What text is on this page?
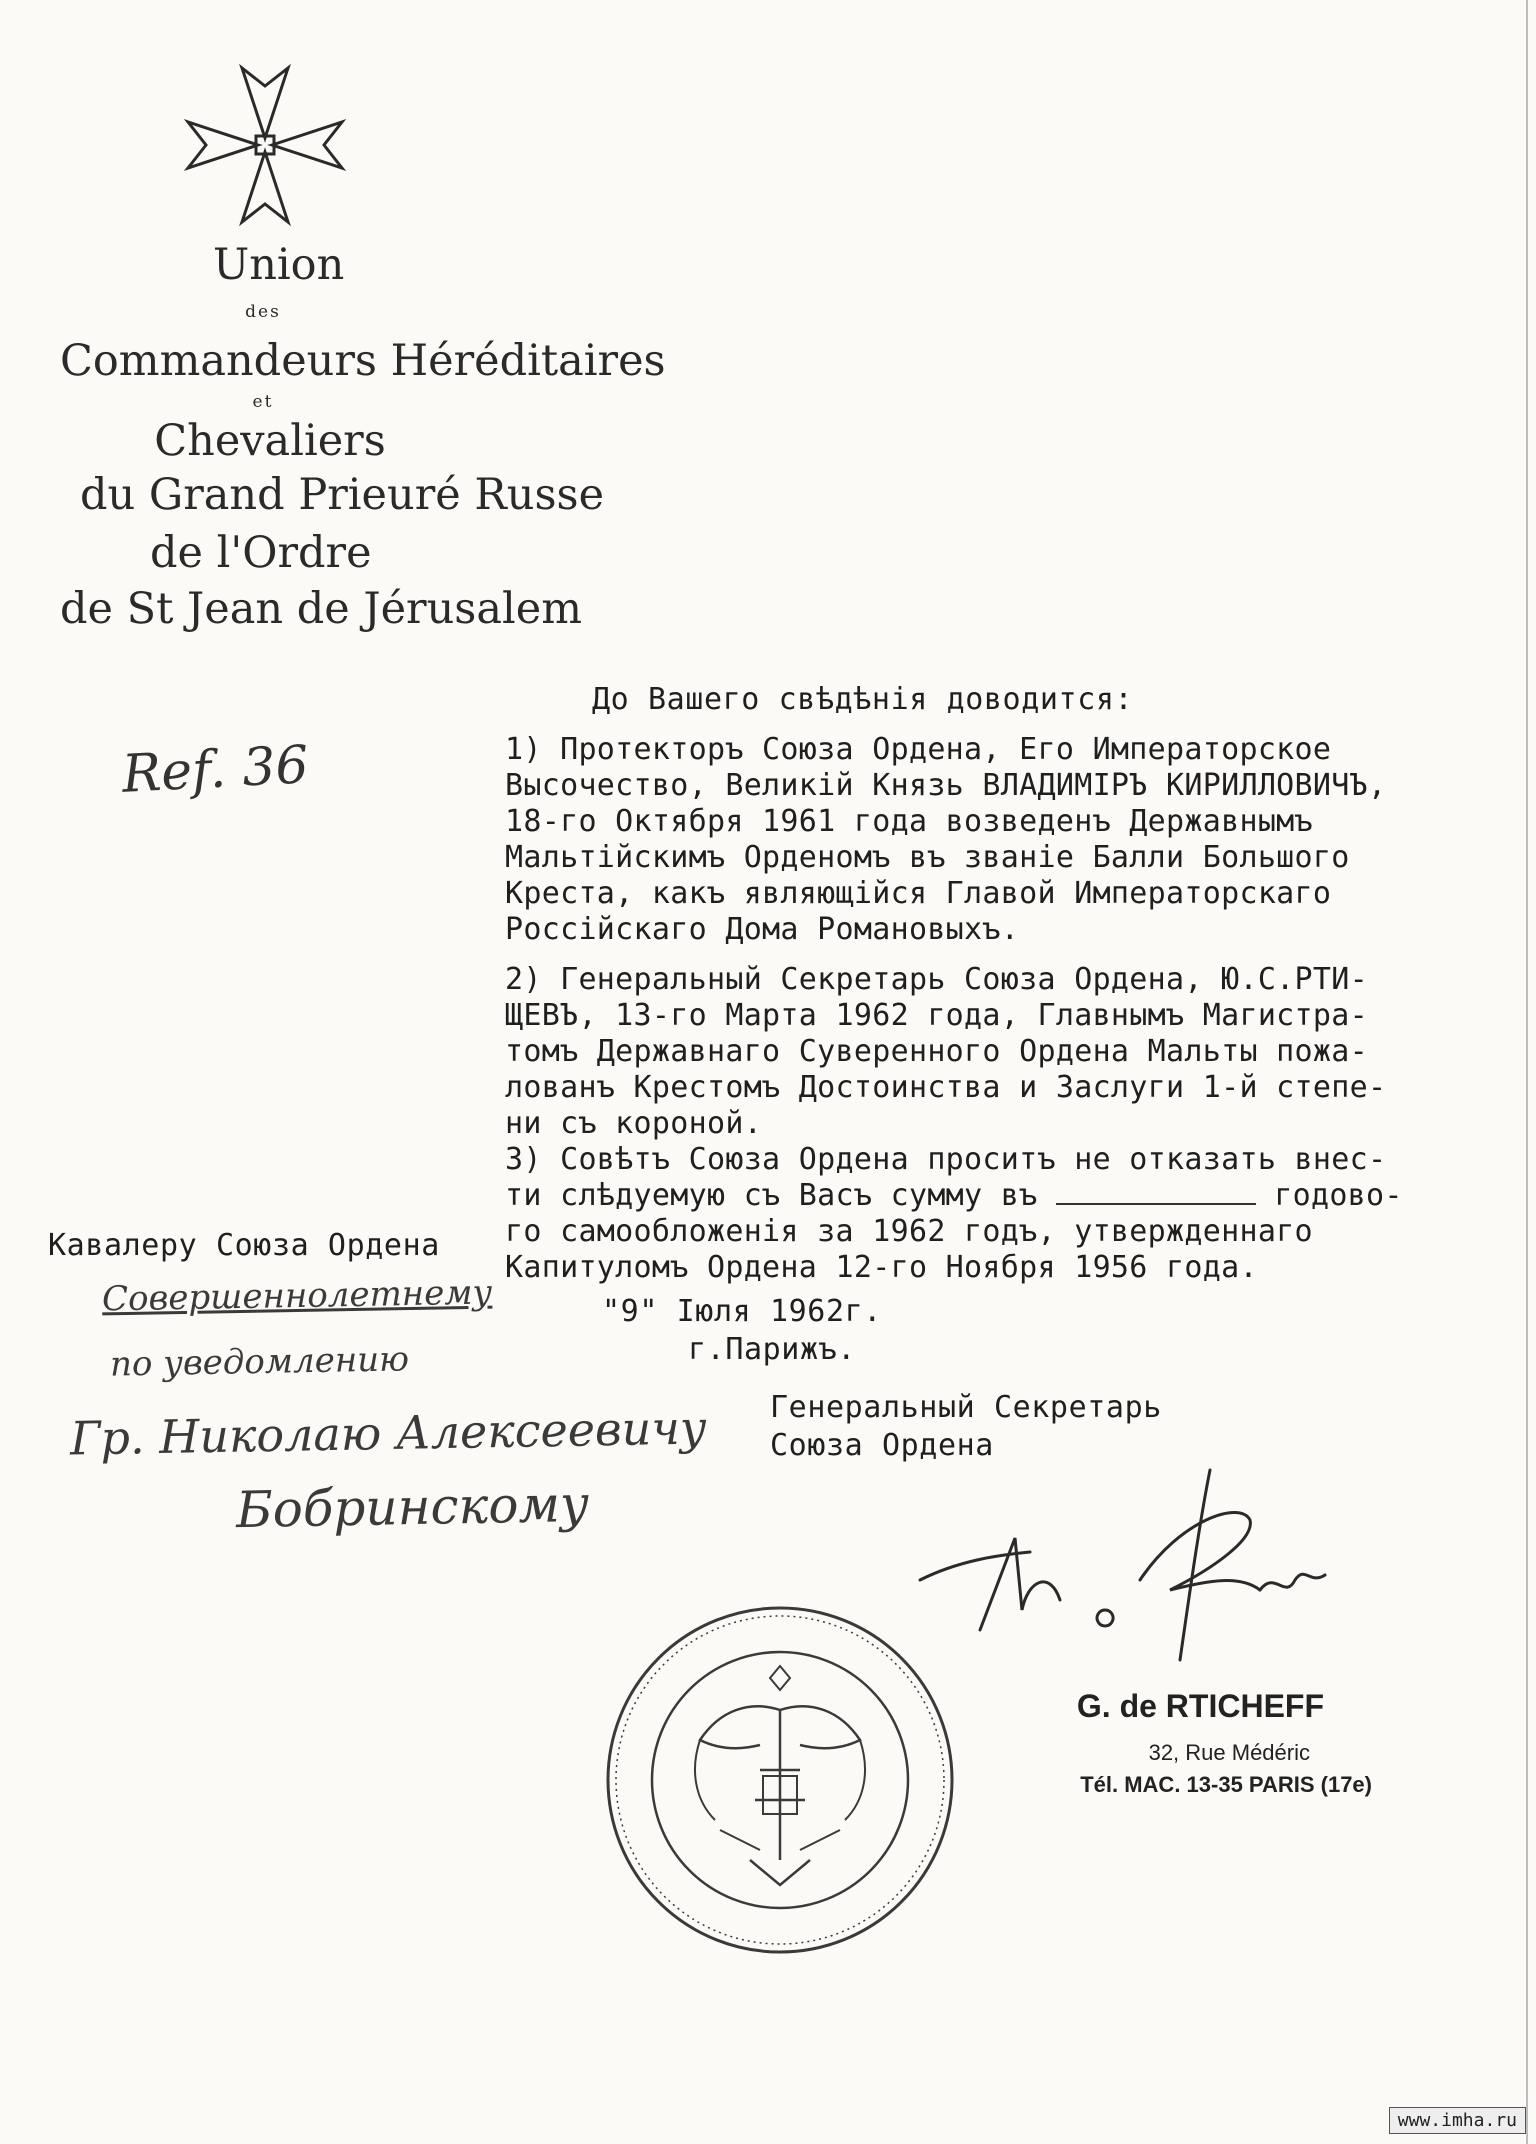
Union
des
Commandeurs Héréditaires
et
Chevaliers
du Grand Prieuré Russe
de l'Ordre
de St Jean de Jérusalem
Ref. 36
До Вашего свѣдѣнія доводится:
1) Протекторъ Союза Ордена, Его Императорское
Высочество, Великій Князь ВЛАДИМІРЪ КИРИЛЛОВИЧЪ,
18-го Октября 1961 года возведенъ Державнымъ
Мальтійскимъ Орденомъ въ званіе Балли Большого
Креста, какъ являющійся Главой Императорскаго
Россійскаго Дома Романовыхъ.
2) Генеральный Секретарь Союза Ордена, Ю.С.РТИ-
ЩЕВЪ, 13-го Марта 1962 года, Главнымъ Магистра-
томъ Державнаго Суверенного Ордена Мальты пожа-
лованъ Крестомъ Достоинства и Заслуги 1-й степе-
ни съ короной.
3) Совѣтъ Союза Ордена проситъ не отказать внес-
ти слѣдуемую съ Васъ сумму въ	годово-
го самообложенія за 1962 годъ, утвержденнаго
Капитуломъ Ордена 12-го Ноября 1956 года.
Кавалеру Союза Ордена
Совершеннолетнему
по уведомлению
Гр. Николаю Алексеевичу
Бобринскому
"9" Іюля 1962г.
г.Парижъ.
Генеральный Секретарь
Союза Ордена
G. de RTICHEFF
32, Rue Médéric
Tél. MAC. 13-35 PARIS (17e)
www.imha.ru
